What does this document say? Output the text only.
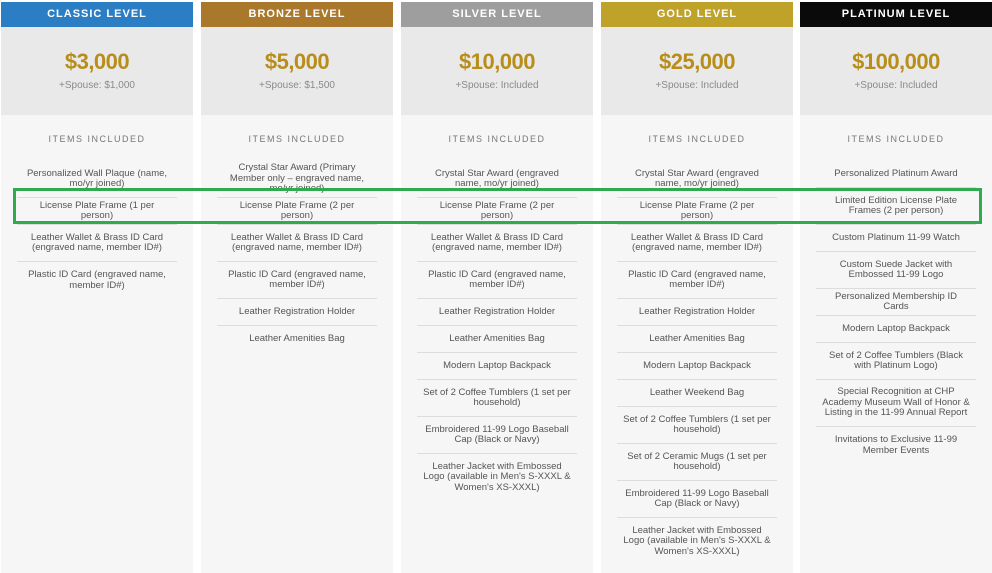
CLASSIC LEVEL
$3,000
+Spouse: $1,000
ITEMS INCLUDED
Personalized Wall Plaque (name, mo/yr joined)
License Plate Frame (1 per person)
Leather Wallet & Brass ID Card (engraved name, member ID#)
Plastic ID Card (engraved name, member ID#)
BRONZE LEVEL
$5,000
+Spouse: $1,500
ITEMS INCLUDED
Crystal Star Award (Primary Member only – engraved name, mo/yr joined)
License Plate Frame (2 per person)
Leather Wallet & Brass ID Card (engraved name, member ID#)
Plastic ID Card (engraved name, member ID#)
Leather Registration Holder
Leather Amenities Bag
SILVER LEVEL
$10,000
+Spouse: Included
ITEMS INCLUDED
Crystal Star Award (engraved name, mo/yr joined)
License Plate Frame (2 per person)
Leather Wallet & Brass ID Card (engraved name, member ID#)
Plastic ID Card (engraved name, member ID#)
Leather Registration Holder
Leather Amenities Bag
Modern Laptop Backpack
Set of 2 Coffee Tumblers (1 set per household)
Embroidered 11-99 Logo Baseball Cap (Black or Navy)
Leather Jacket with Embossed Logo (available in Men's S-XXXL & Women's XS-XXXL)
GOLD LEVEL
$25,000
+Spouse: Included
ITEMS INCLUDED
Crystal Star Award (engraved name, mo/yr joined)
License Plate Frame (2 per person)
Leather Wallet & Brass ID Card (engraved name, member ID#)
Plastic ID Card (engraved name, member ID#)
Leather Registration Holder
Leather Amenities Bag
Modern Laptop Backpack
Leather Weekend Bag
Set of 2 Coffee Tumblers (1 set per household)
Set of 2 Ceramic Mugs (1 set per household)
Embroidered 11-99 Logo Baseball Cap (Black or Navy)
Leather Jacket with Embossed Logo (available in Men's S-XXXL & Women's XS-XXXL)
PLATINUM LEVEL
$100,000
+Spouse: Included
ITEMS INCLUDED
Personalized Platinum Award
Limited Edition License Plate Frames (2 per person)
Custom Platinum 11-99 Watch
Custom Suede Jacket with Embossed 11-99 Logo
Personalized Membership ID Cards
Modern Laptop Backpack
Set of 2 Coffee Tumblers (Black with Platinum Logo)
Special Recognition at CHP Academy Museum Wall of Honor & Listing in the 11-99 Annual Report
Invitations to Exclusive 11-99 Member Events
